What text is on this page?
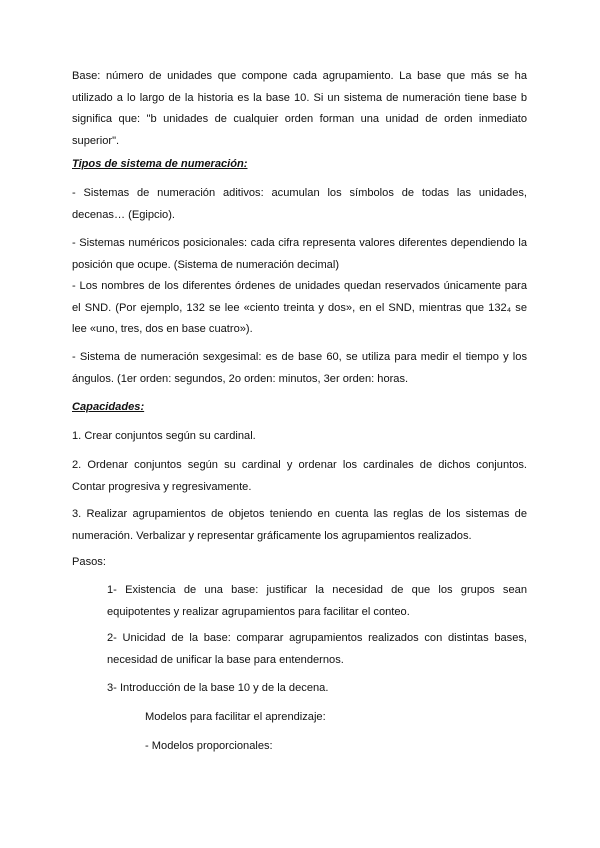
Base: número de unidades que compone cada agrupamiento. La base que más se ha utilizado a lo largo de la historia es la base 10. Si un sistema de numeración tiene base b significa que: "b unidades de cualquier orden forman una unidad de orden inmediato superior".

Tipos de sistema de numeración:

- Sistemas de numeración aditivos: acumulan los símbolos de todas las unidades, decenas… (Egipcio).

- Sistemas numéricos posicionales: cada cifra representa valores diferentes dependiendo la posición que ocupe. (Sistema de numeración decimal)

- Los nombres de los diferentes órdenes de unidades quedan reservados únicamente para el SND. (Por ejemplo, 132 se lee «ciento treinta y dos», en el SND, mientras que 132₄ se lee «uno, tres, dos en base cuatro»).

- Sistema de numeración sexgesimal: es de base 60, se utiliza para medir el tiempo y los ángulos. (1er orden: segundos, 2o orden: minutos, 3er orden: horas.

Capacidades:

1. Crear conjuntos según su cardinal.

2. Ordenar conjuntos según su cardinal y ordenar los cardinales de dichos conjuntos. Contar progresiva y regresivamente.

3. Realizar agrupamientos de objetos teniendo en cuenta las reglas de los sistemas de numeración. Verbalizar y representar gráficamente los agrupamientos realizados.

Pasos:

1- Existencia de una base: justificar la necesidad de que los grupos sean equipotentes y realizar agrupamientos para facilitar el conteo.

2- Unicidad de la base: comparar agrupamientos realizados con distintas bases, necesidad de unificar la base para entendernos.

3- Introducción de la base 10 y de la decena.

Modelos para facilitar el aprendizaje:

- Modelos proporcionales:
